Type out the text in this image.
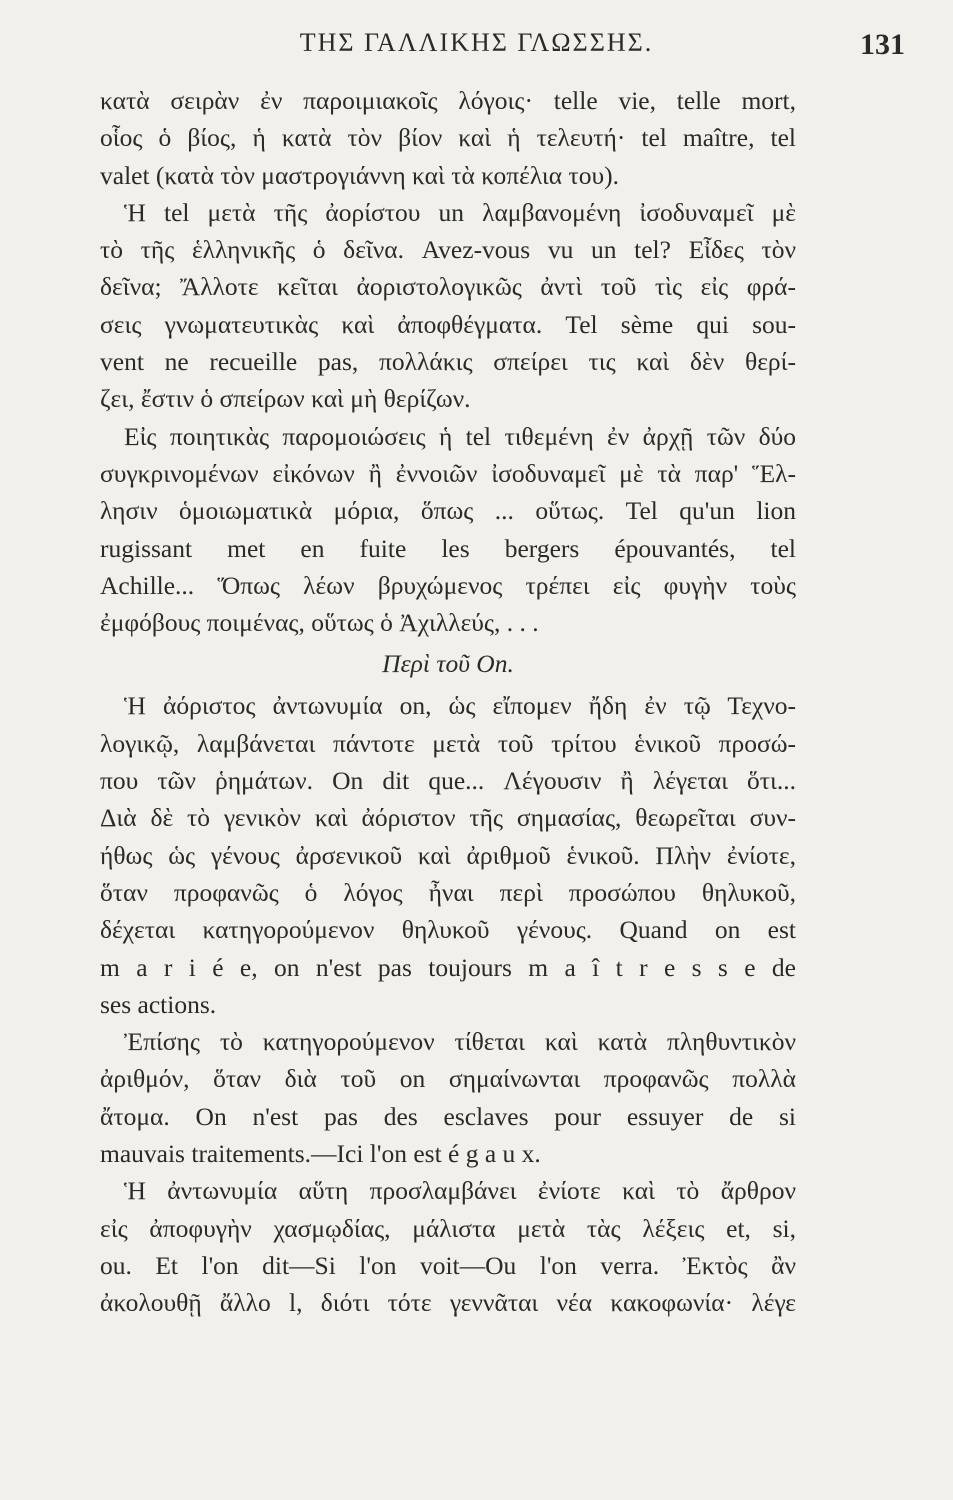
ΤΗΣ ΓΑΛΛΙΚΗΣ ΓΛΩΣΣΗΣ.	131
κατὰ σειρὰν ἐν παροιμιακοῖς λόγοις· telle vie, telle mort,
οἷος ὁ βίος, ἡ κατὰ τὸν βίον καὶ ἡ τελευτή· tel maître, tel
valet (κατὰ τὸν μαστρογιάννη καὶ τὰ κοπέλια του).
Ἡ tel μετὰ τῆς ἀορίστου un λαμβανομένη ἰσοδυναμεῖ μὲ
τὸ τῆς ἑλληνικῆς ὁ δεῖνα. Avez-vous vu un tel? Εἶδες τὸν
δεῖνα; Ἄλλοτε κεῖται ἀοριστολογικῶς ἀντὶ τοῦ τὶς εἰς φρά-
σεις γνωματευτικὰς καὶ ἀποφθέγματα. Tel sème qui sou-
vent ne recueille pas, πολλάκις σπείρει τις καὶ δὲν θερί-
ζει, ἔστιν ὁ σπείρων καὶ μὴ θερίζων.
Εἰς ποιητικὰς παρομοιώσεις ἡ tel τιθεμένη ἐν ἀρχῇ τῶν δύο
συγκρινομένων εἰκόνων ἢ ἐννοιῶν ἰσοδυναμεῖ μὲ τὰ παρ' Ἕλ-
λησιν ὁμοιωματικὰ μόρια, ὅπως ... οὕτως. Tel qu'un lion
rugissant met en fuite les bergers épouvantés, tel
Achille... Ὅπως λέων βρυχώμενος τρέπει εἰς φυγὴν τοὺς
ἐμφόβους ποιμένας, οὕτως ὁ Ἀχιλλεύς, . . .
Περὶ τοῦ On.
Ἡ ἀόριστος ἀντωνυμία on, ὡς εἴπομεν ἤδη ἐν τῷ Τεχνο-
λογικῷ, λαμβάνεται πάντοτε μετὰ τοῦ τρίτου ἑνικοῦ προσώ-
που τῶν ῥημάτων. On dit que... Λέγουσιν ἢ λέγεται ὅτι...
Διὰ δὲ τὸ γενικὸν καὶ ἀόριστον τῆς σημασίας, θεωρεῖται συν-
ήθως ὡς γένους ἀρσενικοῦ καὶ ἀριθμοῦ ἑνικοῦ. Πλὴν ἐνίοτε,
ὅταν προφανῶς ὁ λόγος ἦναι περὶ προσώπου θηλυκοῦ,
δέχεται κατηγορούμενον θηλυκοῦ γένους. Quand on est
m a r i é e, on n'est pas toujours m a î t r e s s e de
ses actions.
Ἐπίσης τὸ κατηγορούμενον τίθεται καὶ κατὰ πληθυντικὸν
ἀριθμόν, ὅταν διὰ τοῦ on σημαίνωνται προφανῶς πολλὰ
ἄτομα. On n'est pas des esclaves pour essuyer de si
mauvais traitements.—Ici l'on est é g a u x.
Ἡ ἀντωνυμία αὕτη προσλαμβάνει ἐνίοτε καὶ τὸ ἄρθρον
εἰς ἀποφυγὴν χασμῳδίας, μάλιστα μετὰ τὰς λέξεις et, si,
ou. Et l'on dit—Si l'on voit—Ou l'on verra. Ἐκτὸς ἂν
ἀκολουθῇ ἄλλο l, διότι τότε γεννᾶται νέα κακοφωνία· λέγε
